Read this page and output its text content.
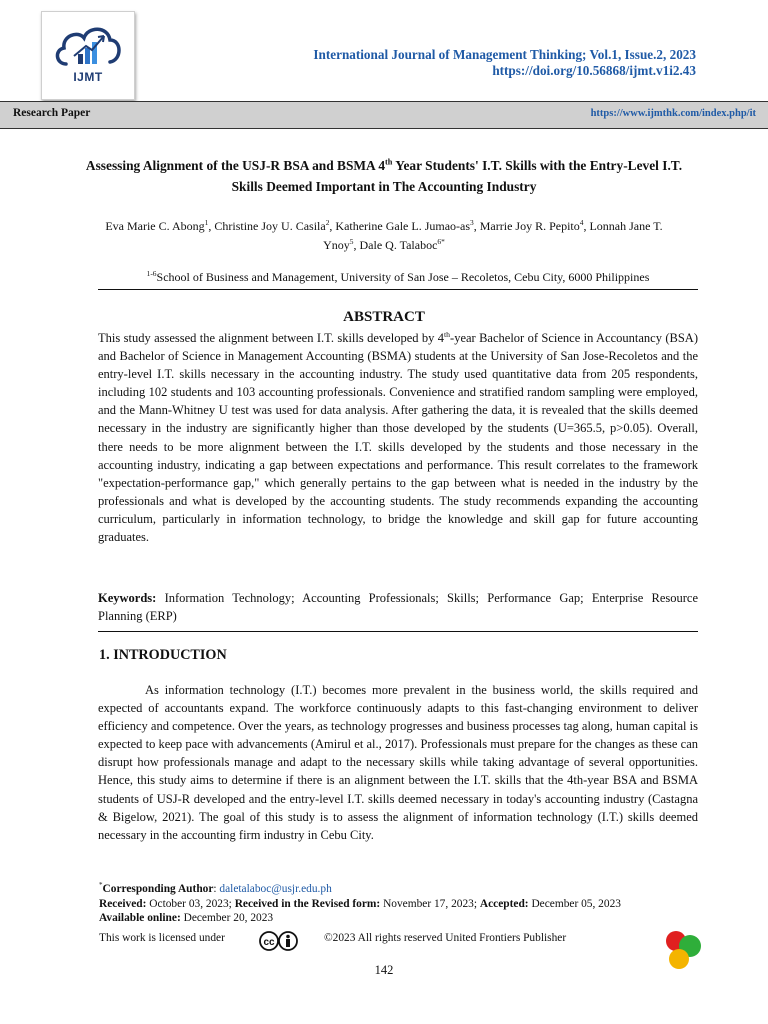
IJMT
International Journal of Management Thinking; Vol.1, Issue.2, 2023
https://doi.org/10.56868/ijmt.v1i2.43
Research Paper	https://www.ijmthk.com/index.php/it
Assessing Alignment of the USJ-R BSA and BSMA 4th Year Students' I.T. Skills with the Entry-Level I.T. Skills Deemed Important in The Accounting Industry
Eva Marie C. Abong$^1$, Christine Joy U. Casila$^2$, Katherine Gale L. Jumao-$as^3$, Marrie Joy R. Pepito$^4$, Lonnah Jane T. Ynoy$^5$, Dale Q. Talaboc$^{6*}$
$^{1-6}$School of Business and Management, University of San Jose – Recoletos, Cebu City, 6000 Philippines
ABSTRACT
This study assessed the alignment between I.T. skills developed by 4th-year Bachelor of Science in Accountancy (BSA) and Bachelor of Science in Management Accounting (BSMA) students at the University of San Jose-Recoletos and the entry-level I.T. skills necessary in the accounting industry. The study used quantitative data from 205 respondents, including 102 students and 103 accounting professionals. Convenience and stratified random sampling were employed, and the Mann-Whitney U test was used for data analysis. After gathering the data, it is revealed that the skills deemed necessary in the industry are significantly higher than those developed by the students (U=365.5, p>0.05). Overall, there needs to be more alignment between the I.T. skills developed by the students and those necessary in the accounting industry, indicating a gap between expectations and performance. This result correlates to the framework "expectation-performance gap," which generally pertains to the gap between what is needed in the industry by the professionals and what is developed by the accounting students. The study recommends expanding the accounting curriculum, particularly in information technology, to bridge the knowledge and skill gap for future accounting graduates.
Keywords: Information Technology; Accounting Professionals; Skills; Performance Gap; Enterprise Resource Planning (ERP)
1. INTRODUCTION
As information technology (I.T.) becomes more prevalent in the business world, the skills required and expected of accountants expand. The workforce continuously adapts to this fast-changing environment to deliver efficiency and competence. Over the years, as technology progresses and business processes tag along, human capital is expected to keep pace with advancements (Amirul et al., 2017). Professionals must prepare for the changes as these can disrupt how professionals manage and adapt to the necessary skills while taking advantage of several opportunities. Hence, this study aims to determine if there is an alignment between the I.T. skills that the 4th-year BSA and BSMA students of USJ-R developed and the entry-level I.T. skills deemed necessary in today's accounting industry (Castagna & Bigelow, 2021). The goal of this study is to assess the alignment of information technology (I.T.) skills deemed necessary in the accounting firm industry in Cebu City.
*Corresponding Author: daletalaboc@usjr.edu.ph
Received: October 03, 2023; Received in the Revised form: November 17, 2023; Accepted: December 05, 2023
Available online: December 20, 2023
This work is licensed under	cc	©2023 All rights reserved United Frontiers Publisher
142
